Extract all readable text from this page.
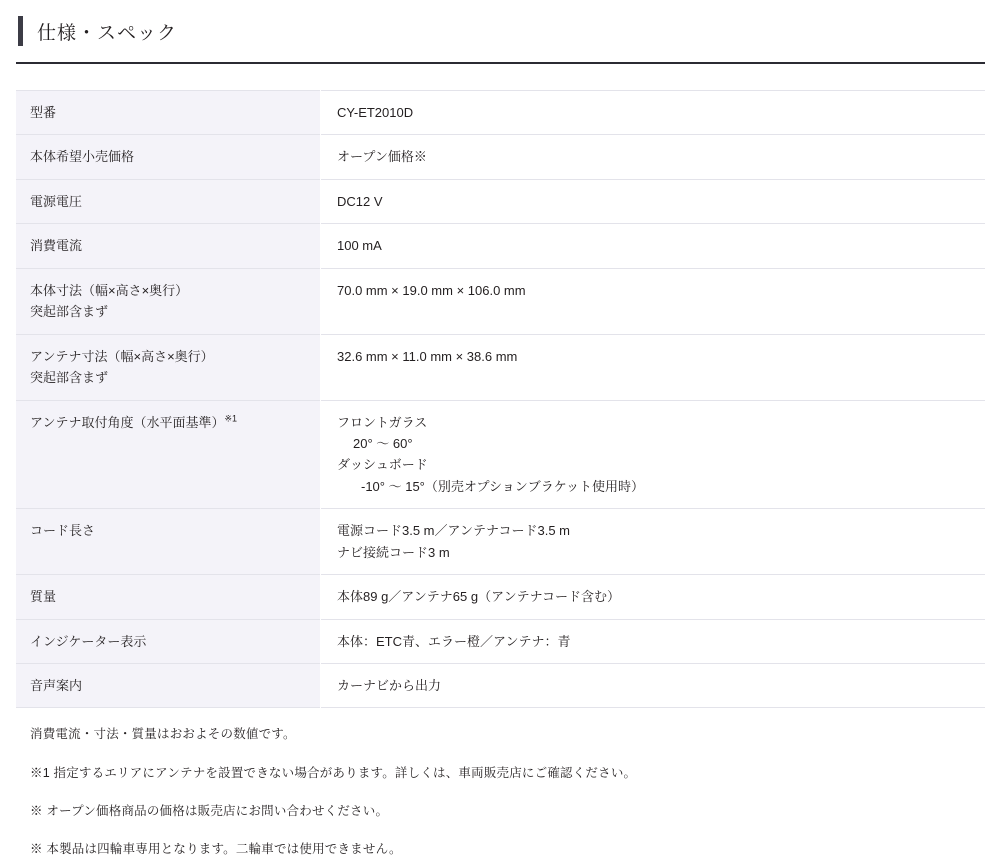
仕様・スペック
型番	CY-ET2010D

本体希望小売価格	オープン価格※

電源電圧	DC12 V

消費電流	100 mA

本体寸法（幅×高さ×奥行）
突起部含まず	70.0 mm × 19.0 mm × 106.0 mm

アンテナ寸法（幅×高さ×奥行）
突起部含まず	32.6 mm × 11.0 mm × 38.6 mm

アンテナ取付角度（水平面基準）$^{※1}$	フロントガラス
20° 〜 60°
ダッシュボード
-10° 〜 15°（別売オプションブラケット使用時）

コード長さ	電源コード3.5 m／アンテナコード3.5 m
ナビ接続コード3 m

質量	本体89 g／アンテナ65 g（アンテナコード含む）

インジケーター表示	本体：ETC青、エラー橙／アンテナ：青

音声案内	カーナビから出力

消費電流・寸法・質量はおおよその数値です。

※1 指定するエリアにアンテナを設置できない場合があります。詳しくは、車両販売店にご確認ください。

※ オープン価格商品の価格は販売店にお問い合わせください。

※ 本製品は四輪車専用となります。二輪車では使用できません。
